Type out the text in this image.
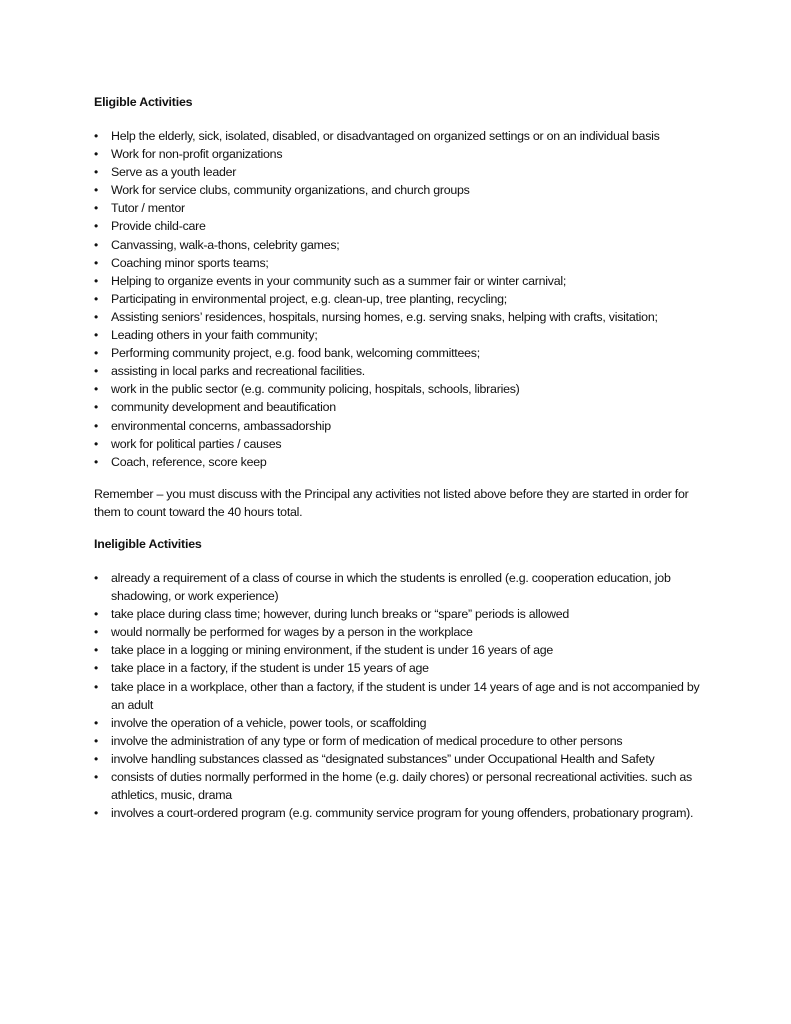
Eligible Activities
•	Help the elderly, sick, isolated, disabled, or disadvantaged on organized settings or on an individual basis
•	Work for non-profit organizations
•	Serve as a youth leader
•	Work for service clubs, community organizations, and church groups
•	Tutor / mentor
•	Provide child-care
•	Canvassing, walk-a-thons, celebrity games;
•	Coaching minor sports teams;
•	Helping to organize events in your community such as a summer fair or winter carnival;
•	Participating in environmental project, e.g. clean-up, tree planting, recycling;
•	Assisting seniors’ residences, hospitals, nursing homes, e.g. serving snaks, helping with crafts, visitation;
•	Leading others in your faith community;
•	Performing community project, e.g. food bank, welcoming committees;
•	assisting in local parks and recreational facilities.
•	work in the public sector (e.g. community policing, hospitals, schools, libraries)
•	community development and beautification
•	environmental concerns, ambassadorship
•	work for political parties / causes
•	Coach, reference, score keep

Remember – you must discuss with the Principal any activities not listed above before they are started in order for them to count toward the 40 hours total.

Ineligible Activities
•	already a requirement of a class of course in which the students is enrolled (e.g. cooperation education, job shadowing, or work experience)
•	take place during class time; however, during lunch breaks or “spare” periods is allowed
•	would normally be performed for wages by a person in the workplace
•	take place in a logging or mining environment, if the student is under 16 years of age
•	take place in a factory, if the student is under 15 years of age
•	take place in a workplace, other than a factory, if the student is under 14 years of age and is not accompanied by an adult
•	involve the operation of a vehicle, power tools, or scaffolding
•	involve the administration of any type or form of medication of medical procedure to other persons
•	involve handling substances classed as “designated substances” under Occupational Health and Safety
•	consists of duties normally performed in the home (e.g. daily chores) or personal recreational activities. such as athletics, music, drama
•	involves a court-ordered program (e.g. community service program for young offenders, probationary program).
